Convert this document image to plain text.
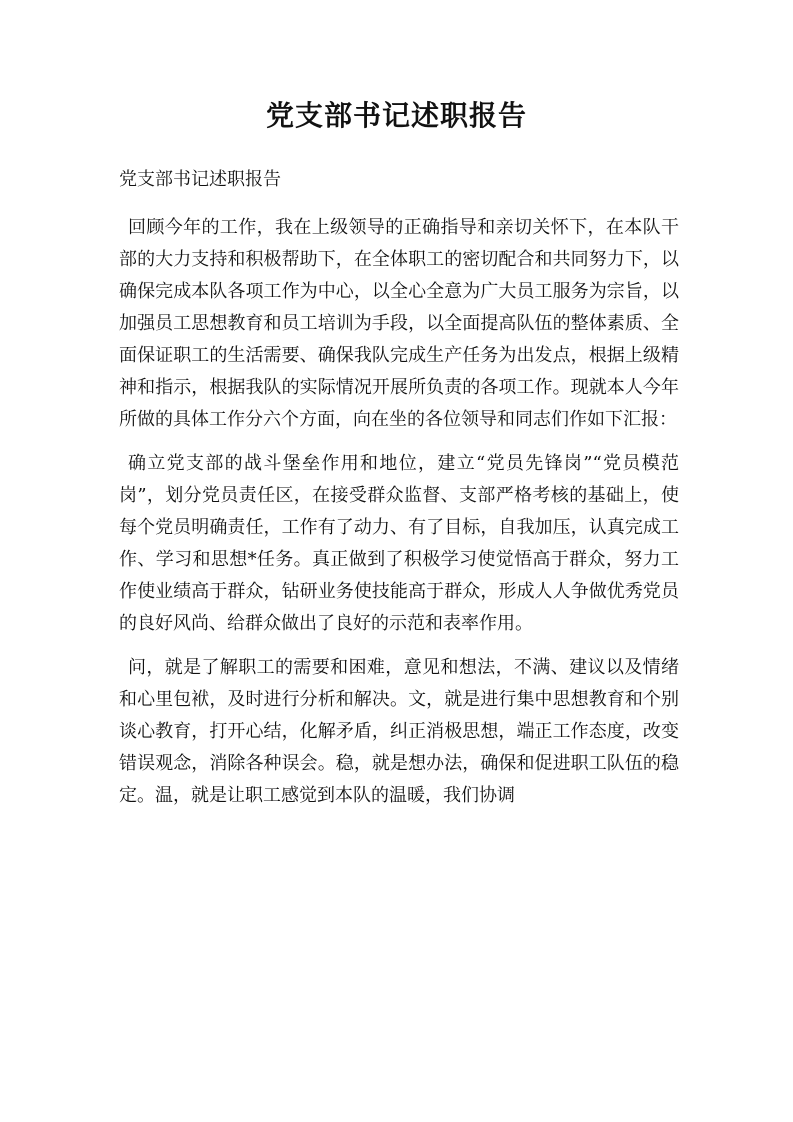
党支部书记述职报告
党支部书记述职报告

回顾今年的工作，我在上级领导的正确指导和亲切关怀下，在本队干部的大力支持和积极帮助下，在全体职工的密切配合和共同努力下，以确保完成本队各项工作为中心，以全心全意为广大员工服务为宗旨，以加强员工思想教育和员工培训为手段，以全面提高队伍的整体素质、全面保证职工的生活需要、确保我队完成生产任务为出发点，根据上级精神和指示，根据我队的实际情况开展所负责的各项工作。现就本人今年所做的具体工作分六个方面，向在坐的各位领导和同志们作如下汇报：

确立党支部的战斗堡垒作用和地位，建立“党员先锋岗”“党员模范岗”，划分党员责任区，在接受群众监督、支部严格考核的基础上，使每个党员明确责任，工作有了动力、有了目标，自我加压，认真完成工作、学习和思想*任务。真正做到了积极学习使觉悟高于群众，努力工作使业绩高于群众，钻研业务使技能高于群众，形成人人争做优秀党员的良好风尚、给群众做出了良好的示范和表率作用。

问，就是了解职工的需要和困难，意见和想法，不满、建议以及情绪和心里包袱，及时进行分析和解决。文，就是进行集中思想教育和个别谈心教育，打开心结，化解矛盾，纠正消极思想，端正工作态度，改变错误观念，消除各种误会。稳，就是想办法，确保和促进职工队伍的稳定。温，就是让职工感觉到本队的温暖，我们协调
